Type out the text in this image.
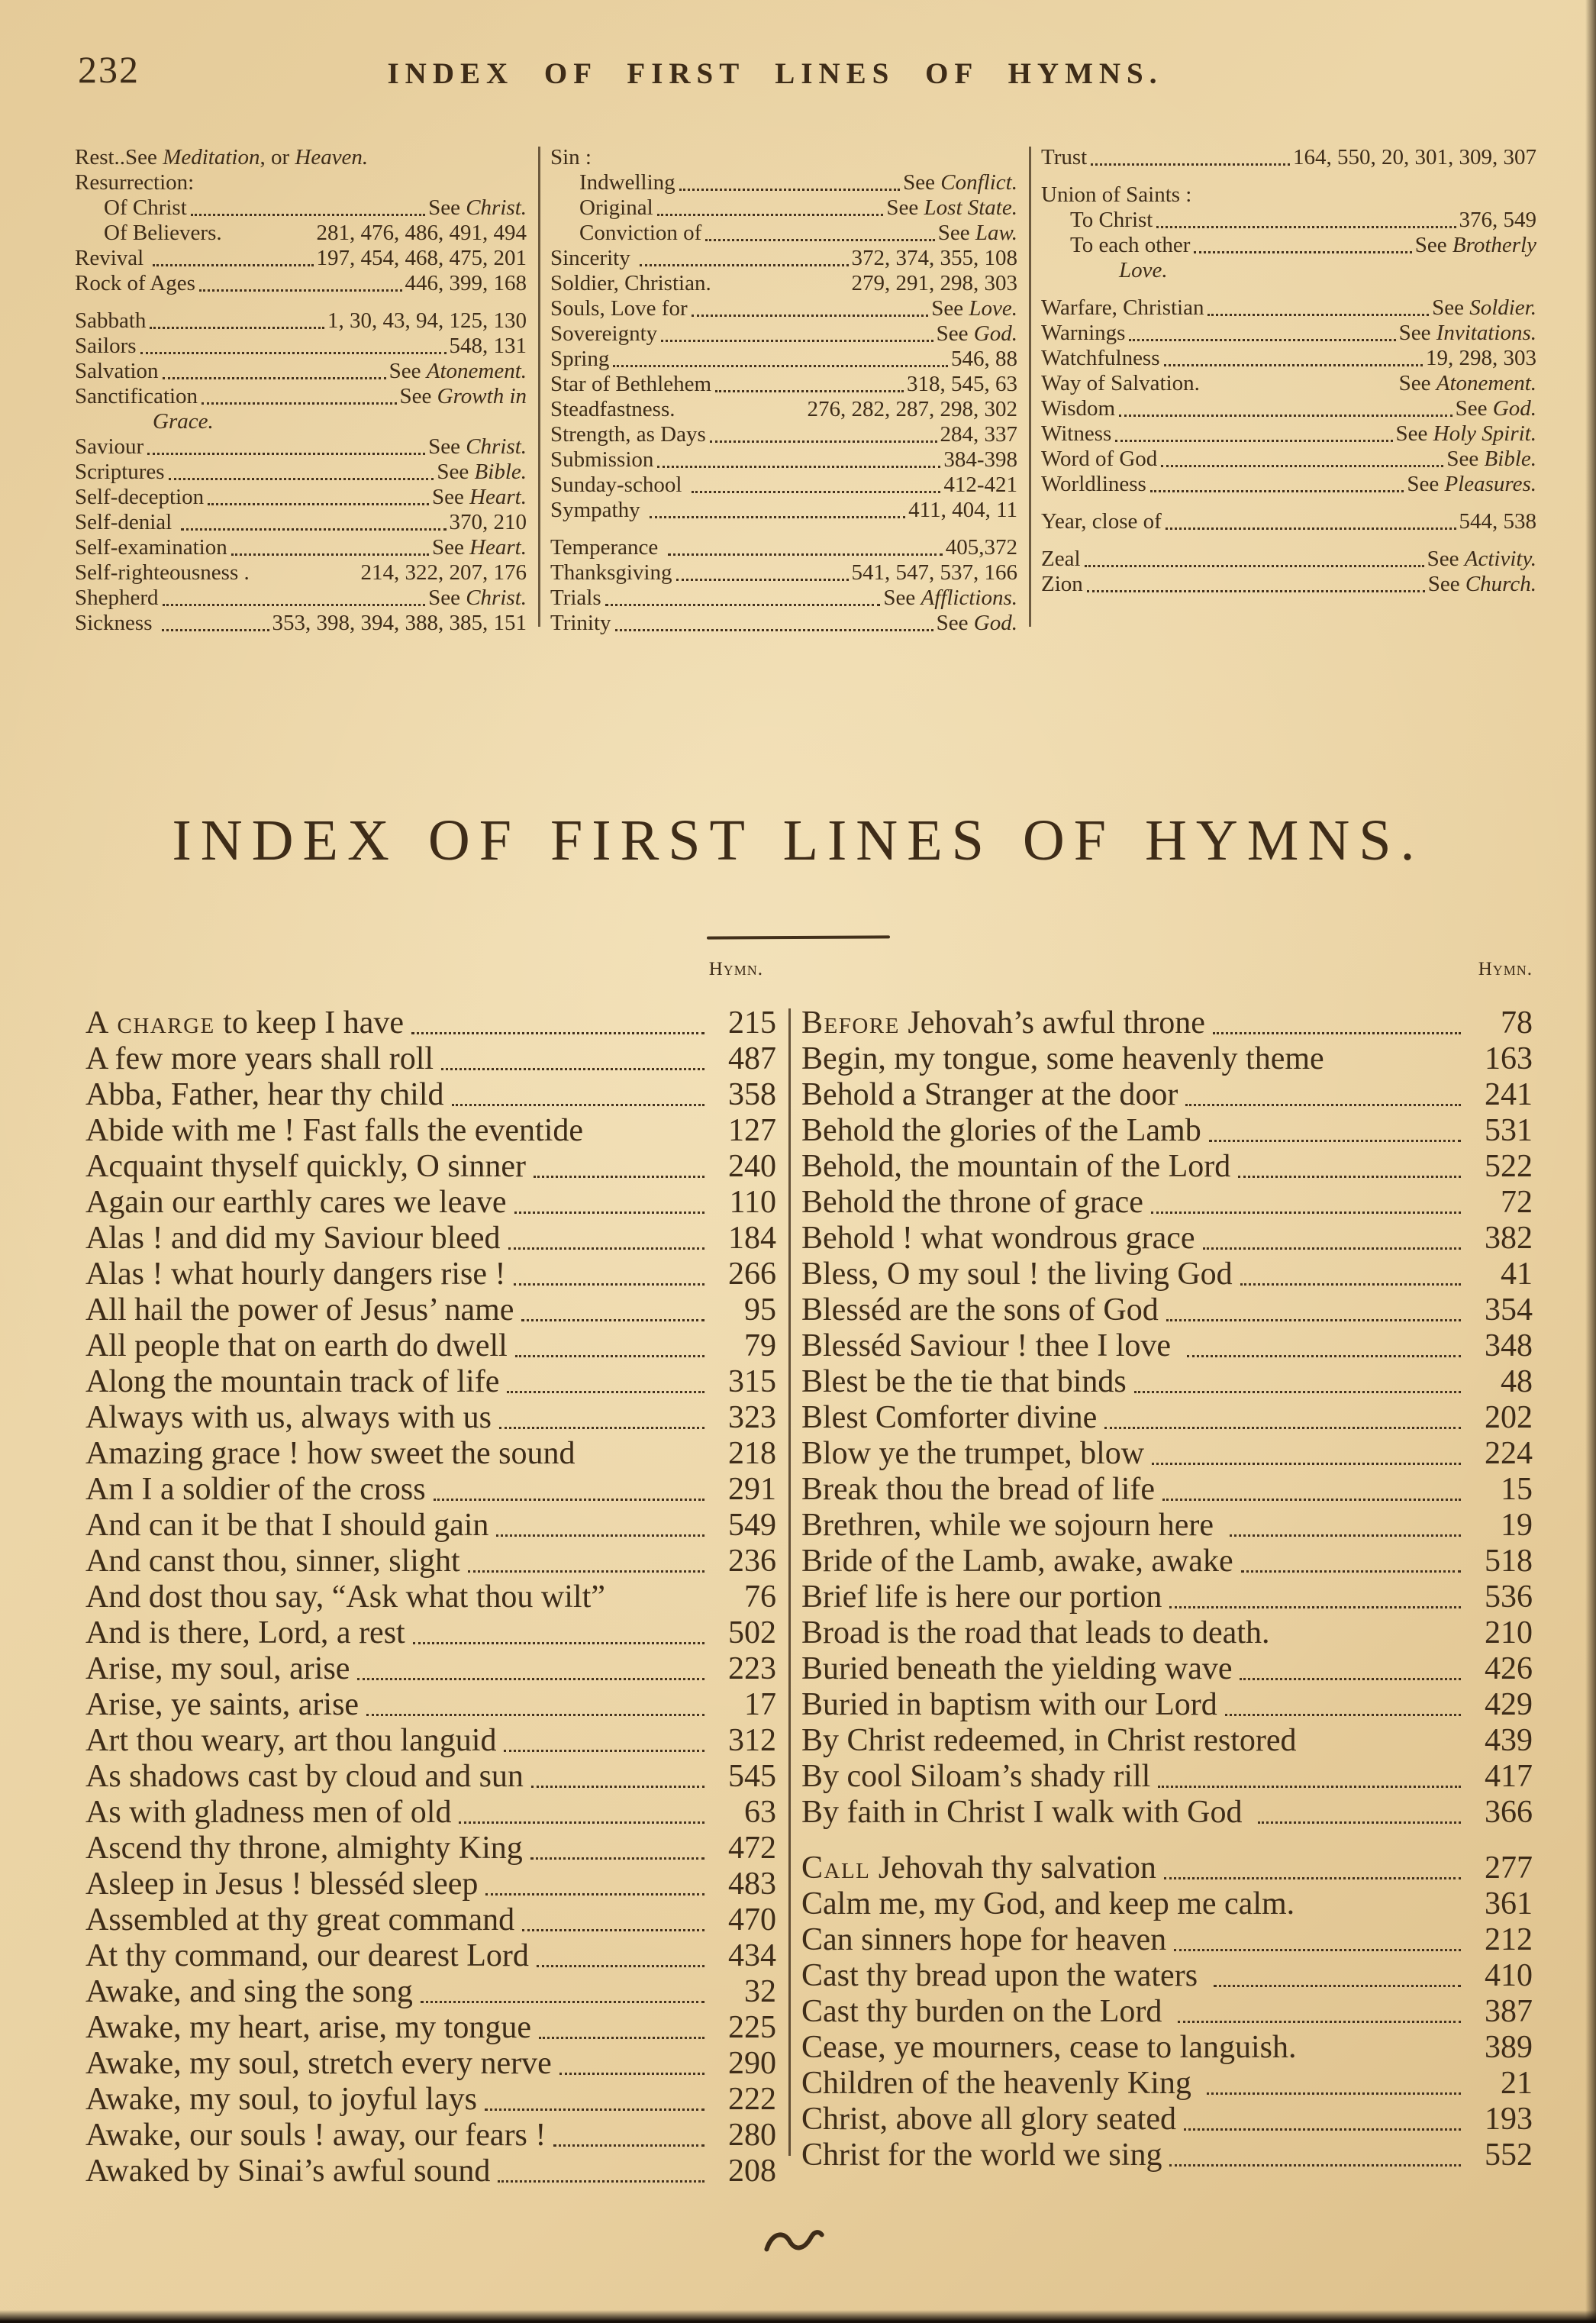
232	INDEX OF FIRST LINES OF HYMNS.
Rest..See Meditation, or Heaven.
Resurrection:
Of Christ	See Christ.
Of Believers.	281, 476, 486, 491, 494
Revival	197, 454, 468, 475, 201
Rock of Ages	446, 399, 168
Sabbath	1, 30, 43, 94, 125, 130
Sailors	548, 131
Salvation	See Atonement.
Sanctification	See Growth in
Grace.
Saviour	See Christ.
Scriptures	See Bible.
Self-deception	See Heart.
Self-denial	370, 210
Self-examination	See Heart.
Self-righteousness .	214, 322, 207, 176
Shepherd	See Christ.
Sickness	353, 398, 394, 388, 385, 151
Sin :
Indwelling	See Conflict.
Original	See Lost State.
Conviction of	See Law.
Sincerity	372, 374, 355, 108
Soldier, Christian.	279, 291, 298, 303
Souls, Love for	See Love.
Sovereignty	See God.
Spring	546, 88
Star of Bethlehem	318, 545, 63
Steadfastness.	276, 282, 287, 298, 302
Strength, as Days	284, 337
Submission	384-398
Sunday-school	412-421
Sympathy	411, 404, 11
Temperance	405,372
Thanksgiving	541, 547, 537, 166
Trials	See Afflictions.
Trinity	See God.
Trust	164, 550, 20, 301, 309, 307
Union of Saints :
To Christ	376, 549
To each other	See Brotherly
Love.
Warfare, Christian	See Soldier.
Warnings	See Invitations.
Watchfulness	19, 298, 303
Way of Salvation.	See Atonement.
Wisdom	See God.
Witness	See Holy Spirit.
Word of God	See Bible.
Worldliness	See Pleasures.
Year, close of	544, 538
Zeal	See Activity.
Zion	See Church.
INDEX OF FIRST LINES OF HYMNS.
Hymn.	Hymn.
A charge to keep I have	215
A few more years shall roll	487
Abba, Father, hear thy child	358
Abide with me ! Fast falls the eventide	127
Acquaint thyself quickly, O sinner	240
Again our earthly cares we leave	110
Alas ! and did my Saviour bleed	184
Alas ! what hourly dangers rise !	266
All hail the power of Jesus’ name	95
All people that on earth do dwell	79
Along the mountain track of life	315
Always with us, always with us	323
Amazing grace ! how sweet the sound	218
Am I a soldier of the cross	291
And can it be that I should gain	549
And canst thou, sinner, slight	236
And dost thou say, “Ask what thou wilt”	76
And is there, Lord, a rest	502
Arise, my soul, arise	223
Arise, ye saints, arise	17
Art thou weary, art thou languid	312
As shadows cast by cloud and sun	545
As with gladness men of old	63
Ascend thy throne, almighty King	472
Asleep in Jesus ! blesséd sleep	483
Assembled at thy great command	470
At thy command, our dearest Lord	434
Awake, and sing the song	32
Awake, my heart, arise, my tongue	225
Awake, my soul, stretch every nerve	290
Awake, my soul, to joyful lays	222
Awake, our souls ! away, our fears !	280
Awaked by Sinai’s awful sound	208
Before Jehovah’s awful throne	78
Begin, my tongue, some heavenly theme	163
Behold a Stranger at the door	241
Behold the glories of the Lamb	531
Behold, the mountain of the Lord	522
Behold the throne of grace	72
Behold ! what wondrous grace	382
Bless, O my soul ! the living God	41
Blesséd are the sons of God	354
Blesséd Saviour ! thee I love	348
Blest be the tie that binds	48
Blest Comforter divine	202
Blow ye the trumpet, blow	224
Break thou the bread of life	15
Brethren, while we sojourn here	19
Bride of the Lamb, awake, awake	518
Brief life is here our portion	536
Broad is the road that leads to death.	210
Buried beneath the yielding wave	426
Buried in baptism with our Lord	429
By Christ redeemed, in Christ restored	439
By cool Siloam’s shady rill	417
By faith in Christ I walk with God	366
Call Jehovah thy salvation	277
Calm me, my God, and keep me calm.	361
Can sinners hope for heaven	212
Cast thy bread upon the waters	410
Cast thy burden on the Lord	387
Cease, ye mourners, cease to languish.	389
Children of the heavenly King	21
Christ, above all glory seated	193
Christ for the world we sing	552
